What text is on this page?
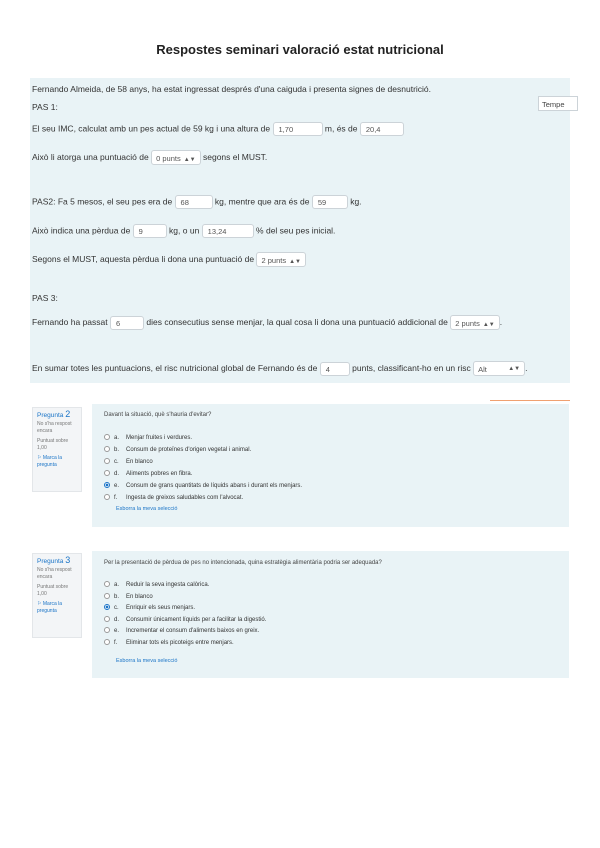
Respostes seminari valoració estat nutricional
Fernando Almeida, de 58 anys, ha estat ingressat després d'una caiguda i presenta signes de desnutrició.
PAS 1:	Tempe
El seu IMC, calculat amb un pes actual de 59 kg i una altura de 1,70	m, és de 20,4
Això li atorga una puntuació de 0 punts ▲︎▼︎ segons el MUST.
PAS2: Fa 5 mesos, el seu pes era de 68	kg, mentre que ara és de 59	kg.
Això indica una pèrdua de 9	kg, o un 13,24	% del seu pes inicial.
Segons el MUST, aquesta pèrdua li dona una puntuació de 2 punts ▲︎▼︎
PAS 3:
Fernando ha passat 6	dies consecutius sense menjar, la qual cosa li dona una puntuació addicional de 2 punts ▲︎▼︎ .
En sumar totes les puntuacions, el risc nutricional global de Fernando és de 4	punts, classificant-ho en un risc Alt	▲︎▼︎ .
Pregunta 2
No s'ha respost encara
Puntuat sobre 1,00
⚐ Marca la pregunta
Davant la situació, què s'hauria d'evitar?
a. Menjar fruites i verdures.
b. Consum de proteïnes d'origen vegetal i animal.
c. En blanco
d. Aliments pobres en fibra.
e. Consum de grans quantitats de líquids abans i durant els menjars.
f. Ingesta de greixos saludables com l'alvocat.
Esborra la meva selecció
Pregunta 3
No s'ha respost encara
Puntuat sobre 1,00
⚐ Marca la pregunta
Per la presentació de pèrdua de pes no intencionada, quina estratègia alimentària podria ser adequada?
a. Reduir la seva ingesta calòrica.
b. En blanco
c. Enriquir els seus menjars.
d. Consumir únicament líquids per a facilitar la digestió.
e. Incrementar el consum d'aliments baixos en greix.
f. Eliminar tots els picoteigs entre menjars.
Esborra la meva selecció
